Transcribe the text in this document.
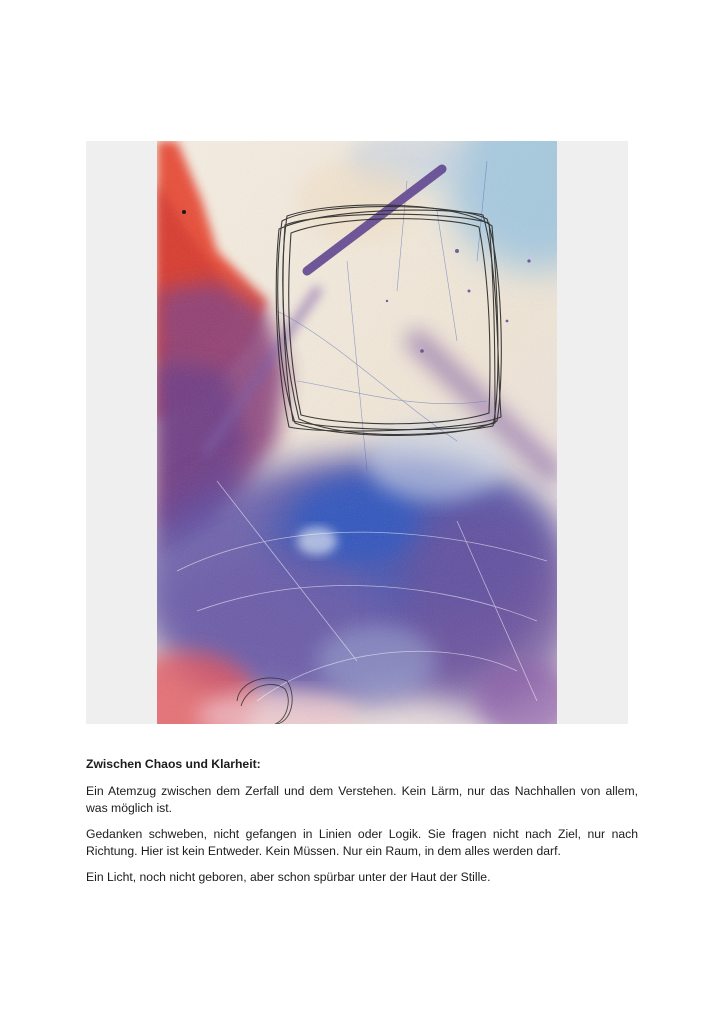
Zwischen Chaos und Klarheit:

Ein Atemzug zwischen dem Zerfall und dem Verstehen. Kein Lärm, nur das Nachhallen von allem, was möglich ist.

Gedanken schweben, nicht gefangen in Linien oder Logik. Sie fragen nicht nach Ziel, nur nach Richtung. Hier ist kein Entweder. Kein Müssen. Nur ein Raum, in dem alles werden darf.

Ein Licht, noch nicht geboren, aber schon spürbar unter der Haut der Stille.
